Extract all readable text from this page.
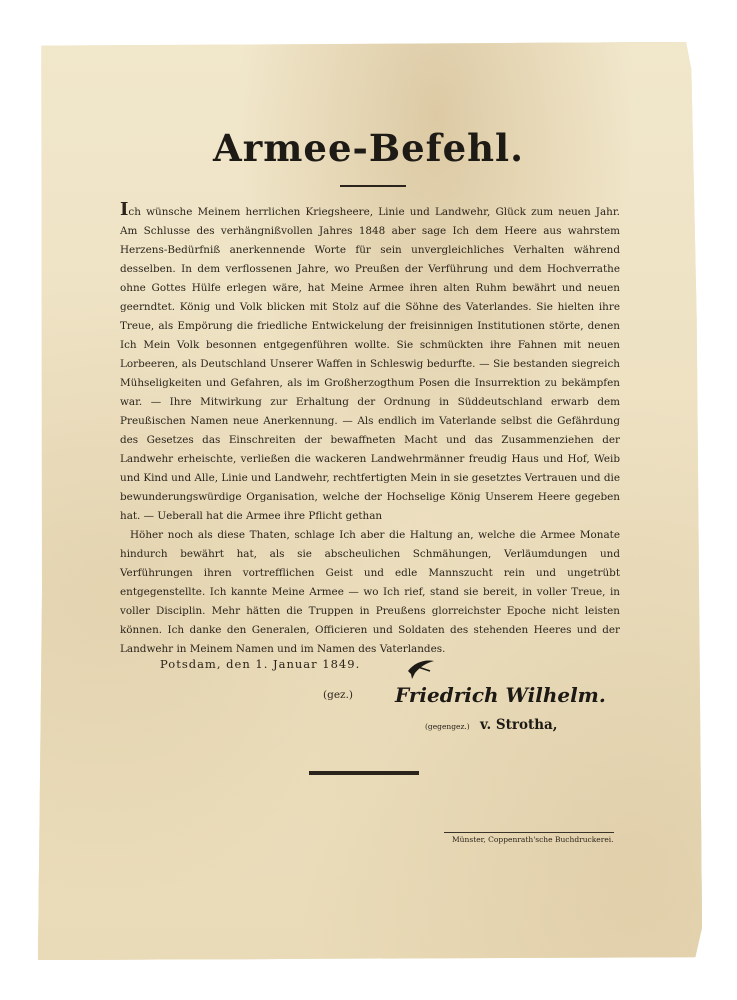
Armee-Befehl.

Ich wünsche Meinem herrlichen Kriegsheere, Linie und Landwehr, Glück zum neuen Jahr. Am Schlusse des verhängnißvollen Jahres 1848 aber sage Ich dem Heere aus wahrstem Herzens-Bedürfniß anerkennende Worte für sein unvergleichliches Verhalten während desselben. In dem verflossenen Jahre, wo Preußen der Verführung und dem Hochverrathe ohne Gottes Hülfe erlegen wäre, hat Meine Armee ihren alten Ruhm bewährt und neuen geerndtet. König und Volk blicken mit Stolz auf die Söhne des Vaterlandes. Sie hielten ihre Treue, als Empörung die friedliche Entwickelung der freisinnigen Institutionen störte, denen Ich Mein Volk besonnen entgegenführen wollte. Sie schmückten ihre Fahnen mit neuen Lorbeeren, als Deutschland Unserer Waffen in Schleswig bedurfte. — Sie bestanden siegreich Mühseligkeiten und Gefahren, als im Großherzogthum Posen die Insurrektion zu bekämpfen war. — Ihre Mitwirkung zur Erhaltung der Ordnung in Süddeutschland erwarb dem Preußischen Namen neue Anerkennung. — Als endlich im Vaterlande selbst die Gefährdung des Gesetzes das Einschreiten der bewaffneten Macht und das Zusammenziehen der Landwehr erheischte, verließen die wackeren Landwehrmänner freudig Haus und Hof, Weib und Kind und Alle, Linie und Landwehr, rechtfertigten Mein in sie gesetztes Vertrauen und die bewunderungswürdige Organisation, welche der Hochselige König Unserem Heere gegeben hat. — Ueberall hat die Armee ihre Pflicht gethan

Höher noch als diese Thaten, schlage Ich aber die Haltung an, welche die Armee Monate hindurch bewährt hat, als sie abscheulichen Schmähungen, Verläumdungen und Verführungen ihren vortrefflichen Geist und edle Mannszucht rein und ungetrübt entgegenstellte. Ich kannte Meine Armee — wo Ich rief, stand sie bereit, in voller Treue, in voller Disciplin. Mehr hätten die Truppen in Preußens glorreichster Epoche nicht leisten können. Ich danke den Generalen, Officieren und Soldaten des stehenden Heeres und der Landwehr in Meinem Namen und im Namen des Vaterlandes.

Potsdam, den 1. Januar 1849.
(gez.) Friedrich Wilhelm.
(gegengez.) v. Strotha,
Münster, Coppenrath'sche Buchdruckerei.
